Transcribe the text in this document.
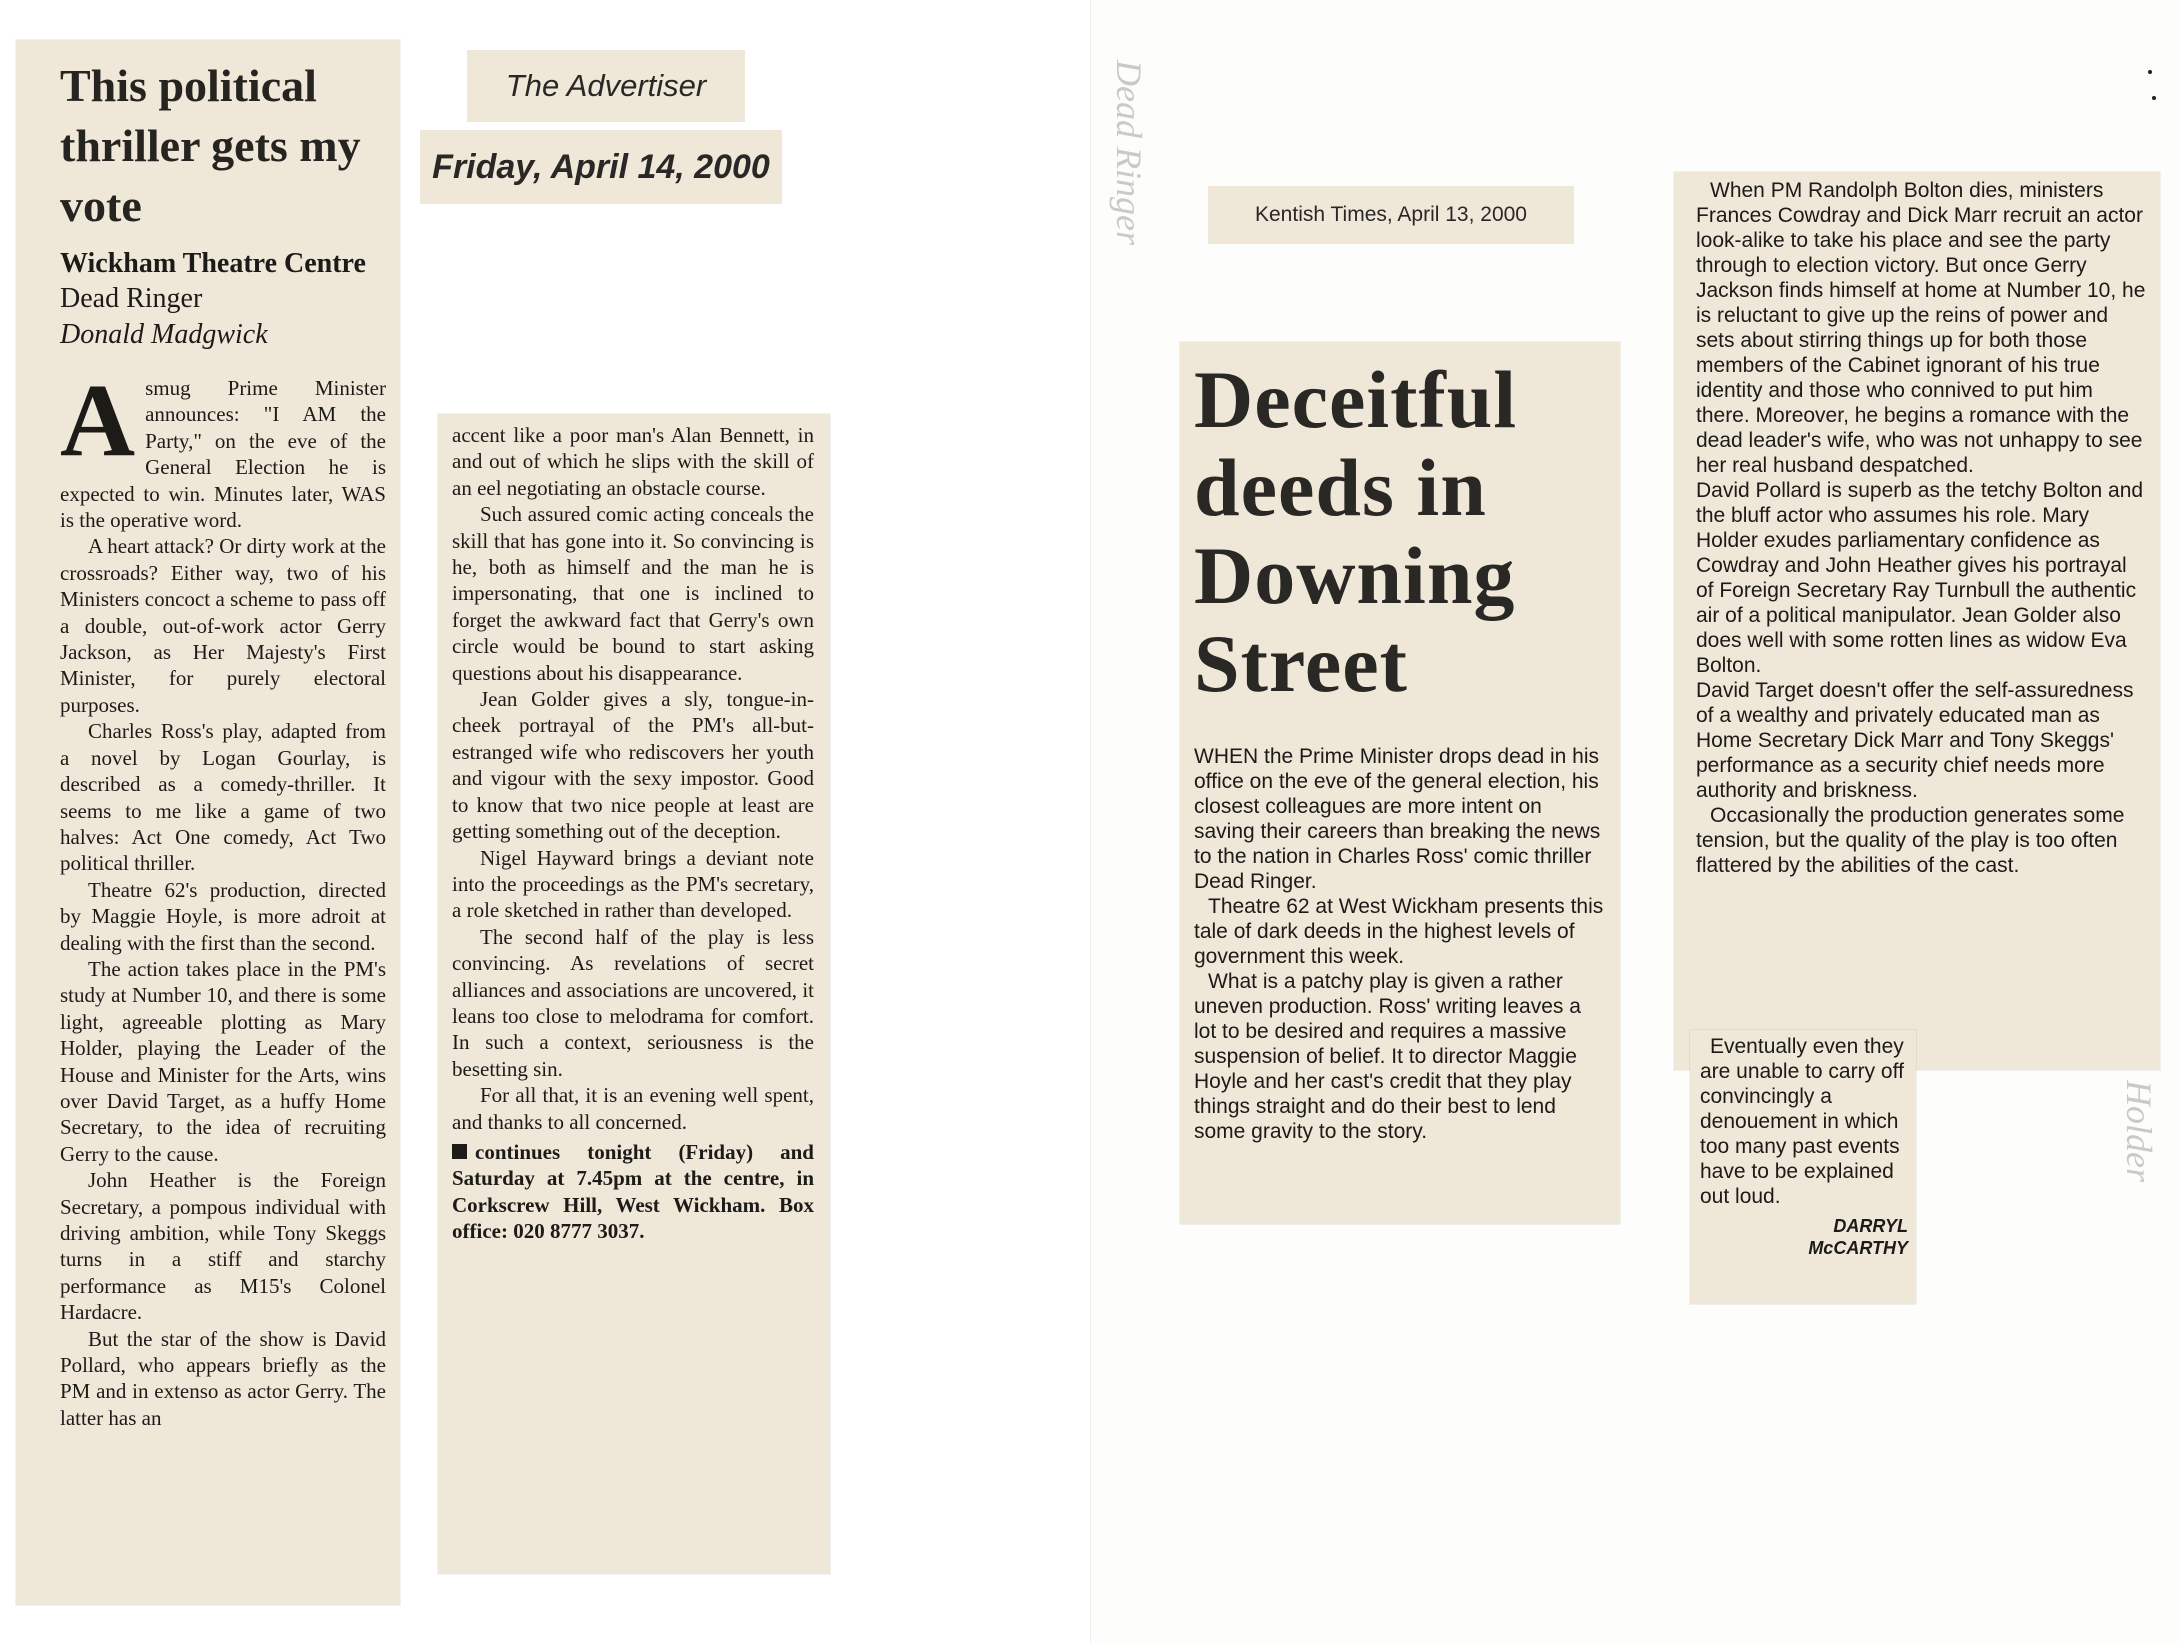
Dead Ringer
Holder
The Advertiser
Friday, April 14, 2000
This political thriller gets my vote
Wickham Theatre Centre
Dead Ringer
Donald Madgwick
A smug Prime Minister announces: "I AM the Party," on the eve of the General Election he is expected to win. Minutes later, WAS is the operative word.

A heart attack? Or dirty work at the crossroads? Either way, two of his Ministers concoct a scheme to pass off a double, out-of-work actor Gerry Jackson, as Her Majesty's First Minister, for purely electoral purposes.

Charles Ross's play, adapted from a novel by Logan Gourlay, is described as a comedy-thriller. It seems to me like a game of two halves: Act One comedy, Act Two political thriller.

Theatre 62's production, directed by Maggie Hoyle, is more adroit at dealing with the first than the second.

The action takes place in the PM's study at Number 10, and there is some light, agreeable plotting as Mary Holder, playing the Leader of the House and Minister for the Arts, wins over David Target, as a huffy Home Secretary, to the idea of recruiting Gerry to the cause.

John Heather is the Foreign Secretary, a pompous individual with driving ambition, while Tony Skeggs turns in a stiff and starchy performance as M15's Colonel Hardacre.

But the star of the show is David Pollard, who appears briefly as the PM and in extenso as actor Gerry. The latter has an

accent like a poor man's Alan Bennett, in and out of which he slips with the skill of an eel negotiating an obstacle course.

Such assured comic acting conceals the skill that has gone into it. So convincing is he, both as himself and the man he is impersonating, that one is inclined to forget the awkward fact that Gerry's own circle would be bound to start asking questions about his disappearance.

Jean Golder gives a sly, tongue-in-cheek portrayal of the PM's all-but-estranged wife who rediscovers her youth and vigour with the sexy impostor. Good to know that two nice people at least are getting something out of the deception.

Nigel Hayward brings a deviant note into the proceedings as the PM's secretary, a role sketched in rather than developed.

The second half of the play is less convincing. As revelations of secret alliances and associations are uncovered, it leans too close to melodrama for comfort. In such a context, seriousness is the besetting sin.

For all that, it is an evening well spent, and thanks to all concerned.

continues tonight (Friday) and Saturday at 7.45pm at the centre, in Corkscrew Hill, West Wickham. Box office: 020 8777 3037.

Kentish Times, April 13, 2000
Deceitful deeds in Downing Street

WHEN the Prime Minister drops dead in his office on the eve of the general election, his closest colleagues are more intent on saving their careers than breaking the news to the nation in Charles Ross' comic thriller Dead Ringer.

Theatre 62 at West Wickham presents this tale of dark deeds in the highest levels of government this week.

What is a patchy play is given a rather uneven production. Ross' writing leaves a lot to be desired and requires a massive suspension of belief. It to director Maggie Hoyle and her cast's credit that they play things straight and do their best to lend some gravity to the story.

When PM Randolph Bolton dies, ministers Frances Cowdray and Dick Marr recruit an actor look-alike to take his place and see the party through to election victory. But once Gerry Jackson finds himself at home at Number 10, he is reluctant to give up the reins of power and sets about stirring things up for both those members of the Cabinet ignorant of his true identity and those who connived to put him there. Moreover, he begins a romance with the dead leader's wife, who was not unhappy to see her real husband despatched.

David Pollard is superb as the tetchy Bolton and the bluff actor who assumes his role. Mary Holder exudes parliamentary confidence as Cowdray and John Heather gives his portrayal of Foreign Secretary Ray Turnbull the authentic air of a political manipulator. Jean Golder also does well with some rotten lines as widow Eva Bolton.

David Target doesn't offer the self-assuredness of a wealthy and privately educated man as Home Secretary Dick Marr and Tony Skeggs' performance as a security chief needs more authority and briskness.

Occasionally the production generates some tension, but the quality of the play is too often flattered by the abilities of the cast.

Eventually even they are unable to carry off convincingly a denouement in which too many past events have to be explained out loud.

DARRYL
McCARTHY
